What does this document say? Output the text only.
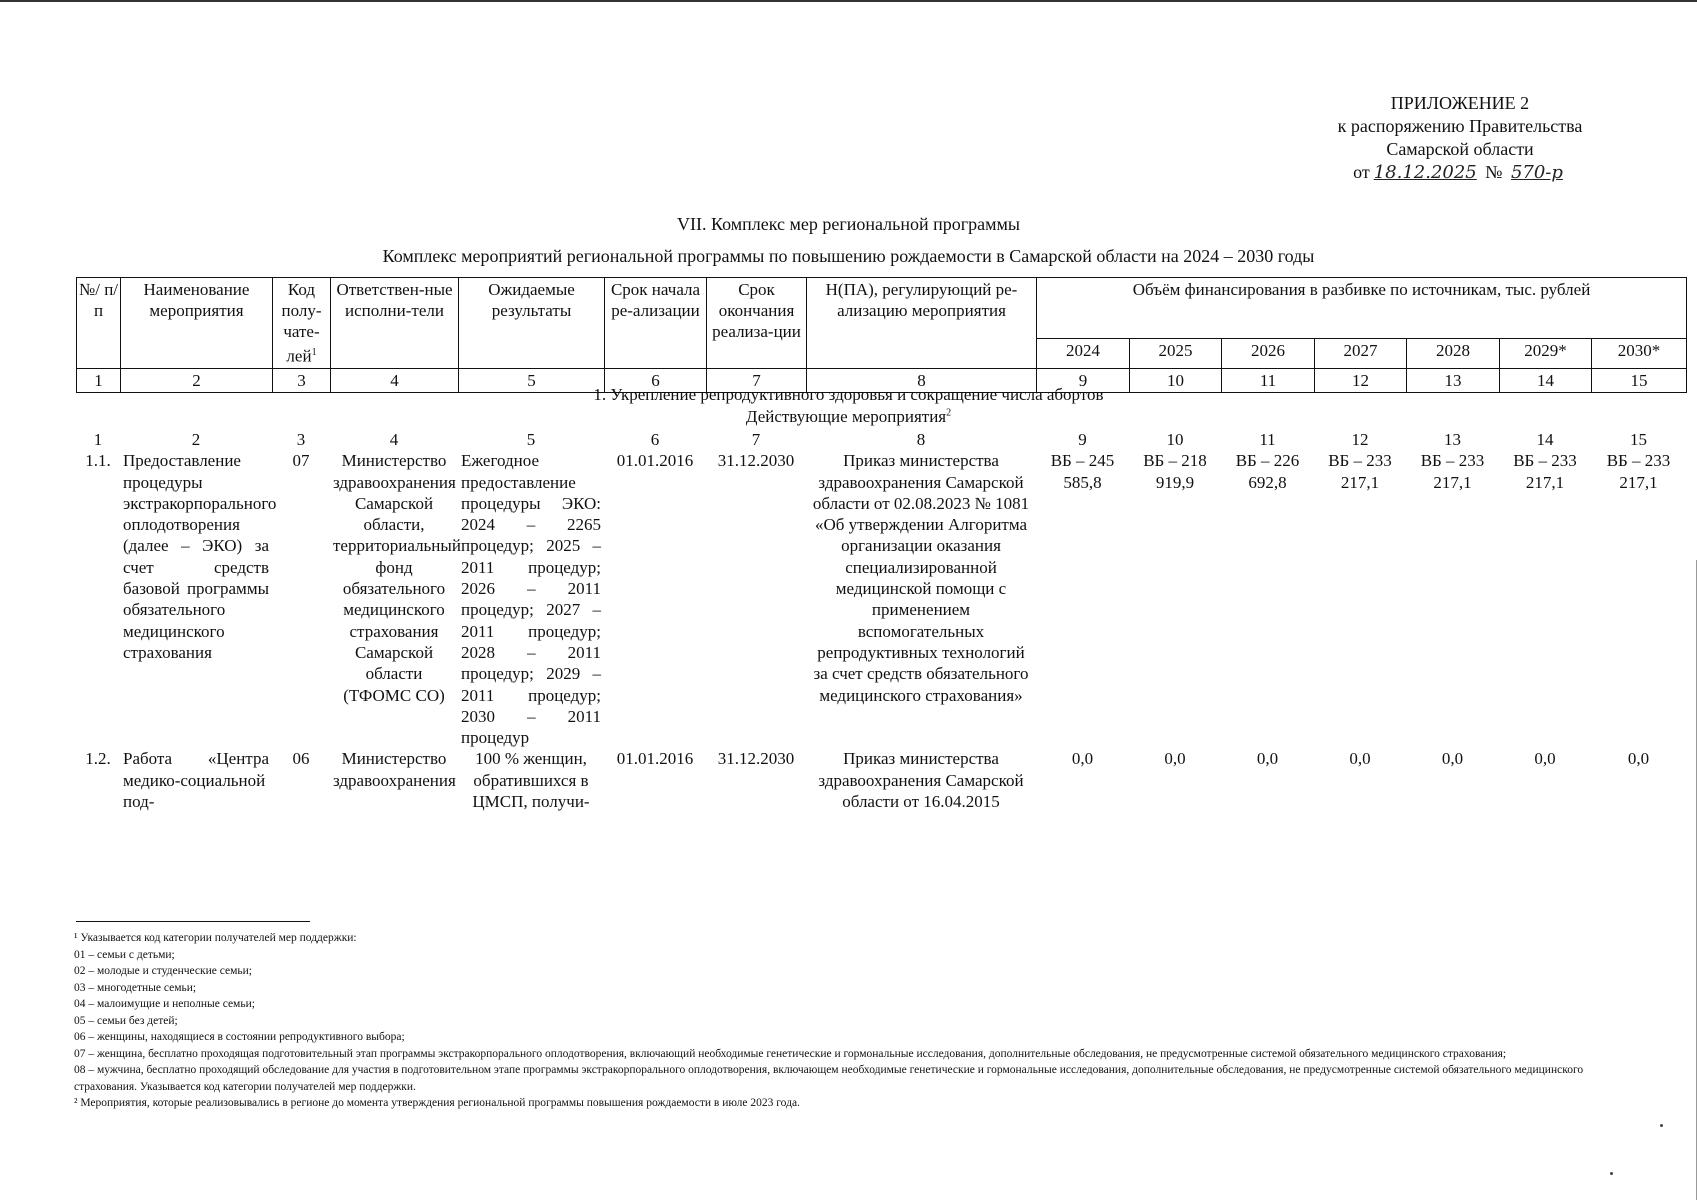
ПРИЛОЖЕНИЕ 2
к распоряжению Правительства
Самарской области
от 18.12.2025 № 570-р
VII. Комплекс мер региональной программы
Комплекс мероприятий региональной программы по повышению рождаемости в Самарской области на 2024 – 2030 годы
№/ п/п	Наименование мероприятия	Код полу-чате-лей$^1$	Ответствен-ные исполни-тели	Ожидаемые результаты	Срок начала ре-ализации	Срок окончания реализа-ции	Н(ПА), регулирующий ре-ализацию мероприятия	Объём финансирования в разбивке по источникам, тыс. рублей						
								2024	2025	2026	2027	2028	2029*	2030*
1	2	3	4	5	6	7	8	9	10	11	12	13	14	15
1. Укрепление репродуктивного здоровья и сокращение числа абортов
Действующие мероприятия$^2$
1	2	3	4	5	6	7	8	9	10	11	12	13	14	15
1.1.	Предоставление процедуры экстракорпорального оплодотворения (далее – ЭКО) за счет средств базовой программы обязательного медицинского страхования	07	Министерство здравоохранения Самарской области, территориальный фонд обязательного медицинского страхования Самарской области (ТФОМС СО)	Ежегодное предоставление процедуры ЭКО: 2024 – 2265 процедур; 2025 – 2011 процедур; 2026 – 2011 процедур; 2027 – 2011 процедур; 2028 – 2011 процедур; 2029 – 2011 процедур; 2030 – 2011 процедур	01.01.2016	31.12.2030	Приказ министерства здравоохранения Самарской области от 02.08.2023 № 1081 «Об утверждении Алгоритма организации оказания специализированной медицинской помощи с применением вспомогательных репродуктивных технологий за счет средств обязательного медицинского страхования»	ВБ – 245 585,8	ВБ – 218 919,9	ВБ – 226 692,8	ВБ – 233 217,1	ВБ – 233 217,1	ВБ – 233 217,1	ВБ – 233 217,1
1.2.	Работа «Центра медико-социальной под-	06	Министерство здравоохранения	100 % женщин, обратившихся в ЦМСП, получи-	01.01.2016	31.12.2030	Приказ министерства здравоохранения Самарской области от 16.04.2015	0,0	0,0	0,0	0,0	0,0	0,0	0,0
¹ Указывается код категории получателей мер поддержки:
01 – семьи с детьми;
02 – молодые и студенческие семьи;
03 – многодетные семьи;
04 – малоимущие и неполные семьи;
05 – семьи без детей;
06 – женщины, находящиеся в состоянии репродуктивного выбора;
07 – женщина, бесплатно проходящая подготовительный этап программы экстракорпорального оплодотворения, включающий необходимые генетические и гормональные исследования, дополнительные обследования, не предусмотренные системой обязательного медицинского страхования;
08 – мужчина, бесплатно проходящий обследование для участия в подготовительном этапе программы экстракорпорального оплодотворения, включающем необходимые генетические и гормональные исследования, дополнительные обследования, не предусмотренные системой обязательного медицинского страхования. Указывается код категории получателей мер поддержки.
² Мероприятия, которые реализовывались в регионе до момента утверждения региональной программы повышения рождаемости в июле 2023 года.
